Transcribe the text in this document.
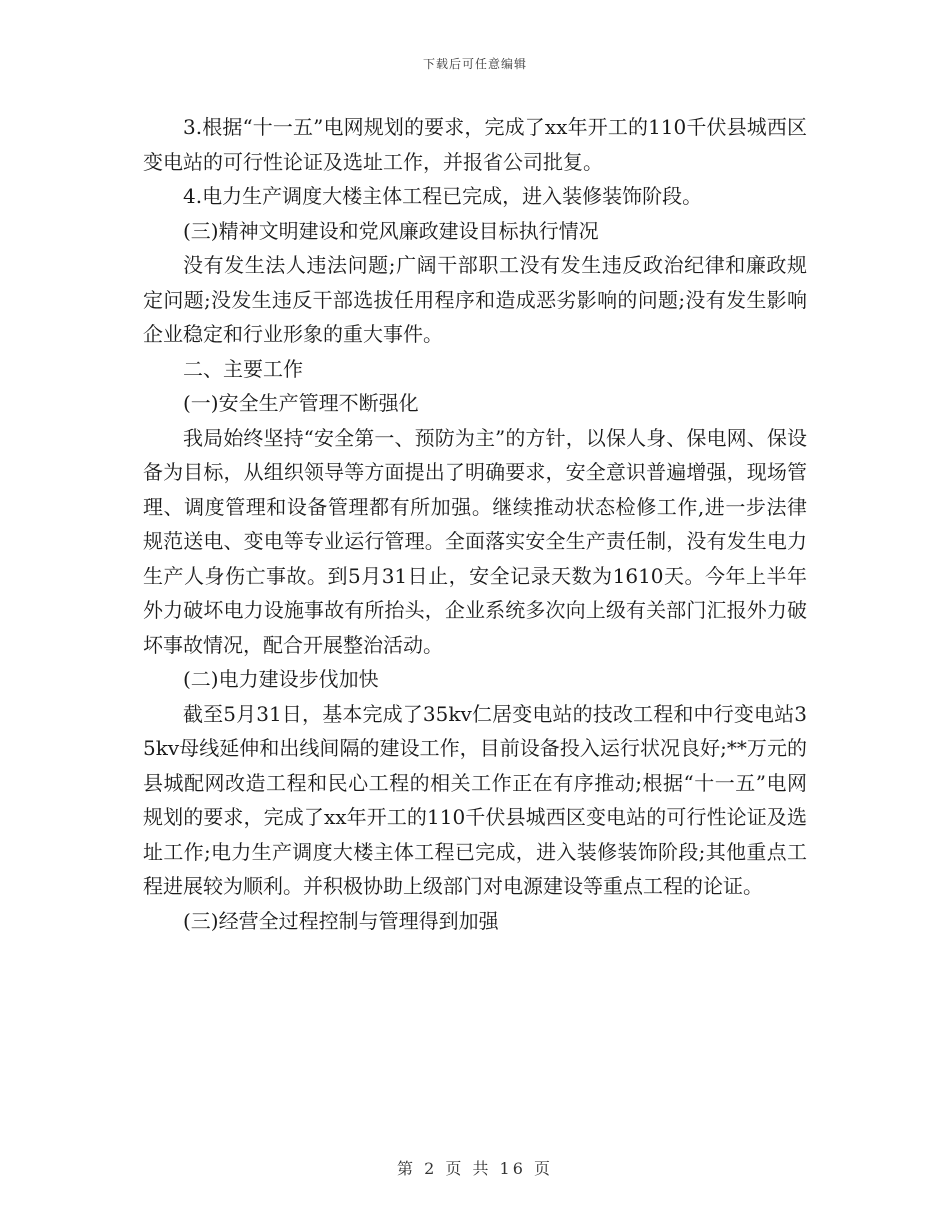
下载后可任意编辑

3.根据“十一五”电网规划的要求，完成了xx年开工的110千伏县城西区变电站的可行性论证及选址工作，并报省公司批复。

4.电力生产调度大楼主体工程已完成，进入装修装饰阶段。

(三)精神文明建设和党风廉政建设目标执行情况

没有发生法人违法问题;广阔干部职工没有发生违反政治纪律和廉政规定问题;没发生违反干部选拔任用程序和造成恶劣影响的问题;没有发生影响企业稳定和行业形象的重大事件。

二、主要工作

(一)安全生产管理不断强化

我局始终坚持“安全第一、预防为主”的方针，以保人身、保电网、保设备为目标，从组织领导等方面提出了明确要求，安全意识普遍增强，现场管理、调度管理和设备管理都有所加强。继续推动状态检修工作,进一步法律规范送电、变电等专业运行管理。全面落实安全生产责任制，没有发生电力生产人身伤亡事故。到5月31日止，安全记录天数为1610天。今年上半年外力破坏电力设施事故有所抬头，企业系统多次向上级有关部门汇报外力破坏事故情况，配合开展整治活动。

(二)电力建设步伐加快

截至5月31日，基本完成了35kv仁居变电站的技改工程和中行变电站35kv母线延伸和出线间隔的建设工作，目前设备投入运行状况良好;**万元的县城配网改造工程和民心工程的相关工作正在有序推动;根据“十一五”电网规划的要求，完成了xx年开工的110千伏县城西区变电站的可行性论证及选址工作;电力生产调度大楼主体工程已完成，进入装修装饰阶段;其他重点工程进展较为顺利。并积极协助上级部门对电源建设等重点工程的论证。

(三)经营全过程控制与管理得到加强

第 2 页 共 16 页
